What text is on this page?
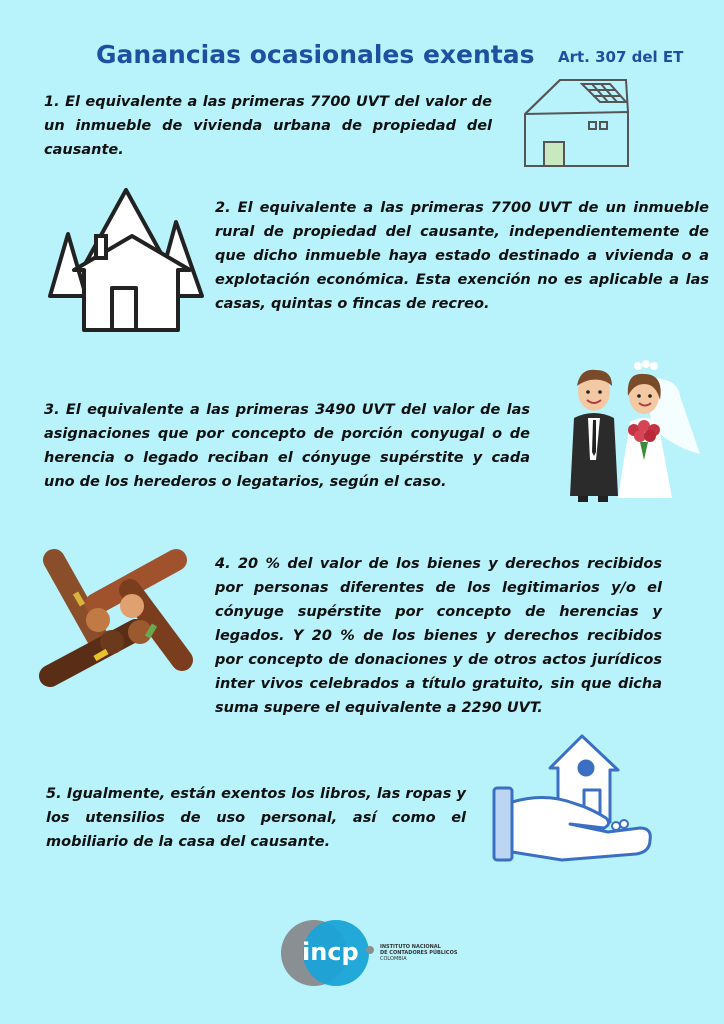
Ganancias ocasionales exentas Art. 307 del ET
1. El equivalente a las primeras 7700 UVT del valor de un inmueble de vivienda urbana de propiedad del causante.
2. El equivalente a las primeras 7700 UVT de un inmueble rural de propiedad del causante, independientemente de que dicho inmueble haya estado destinado a vivienda o a explotación económica. Esta exención no es aplicable a las casas, quintas o fincas de recreo.
3. El equivalente a las primeras 3490 UVT del valor de las asignaciones que por concepto de porción conyugal o de herencia o legado reciban el cónyuge supérstite y cada uno de los herederos o legatarios, según el caso.
4. 20 % del valor de los bienes y derechos recibidos por personas diferentes de los legitimarios y/o el cónyuge supérstite por concepto de herencias y legados. Y 20 % de los bienes y derechos recibidos por concepto de donaciones y de otros actos jurídicos inter vivos celebrados a título gratuito, sin que dicha suma supere el equivalente a 2290 UVT.
5. Igualmente, están exentos los libros, las ropas y los utensilios de uso personal, así como el mobiliario de la casa del causante.
incp	INSTITUTO NACIONAL
DE CONTADORES PÚBLICOS
COLOMBIA
